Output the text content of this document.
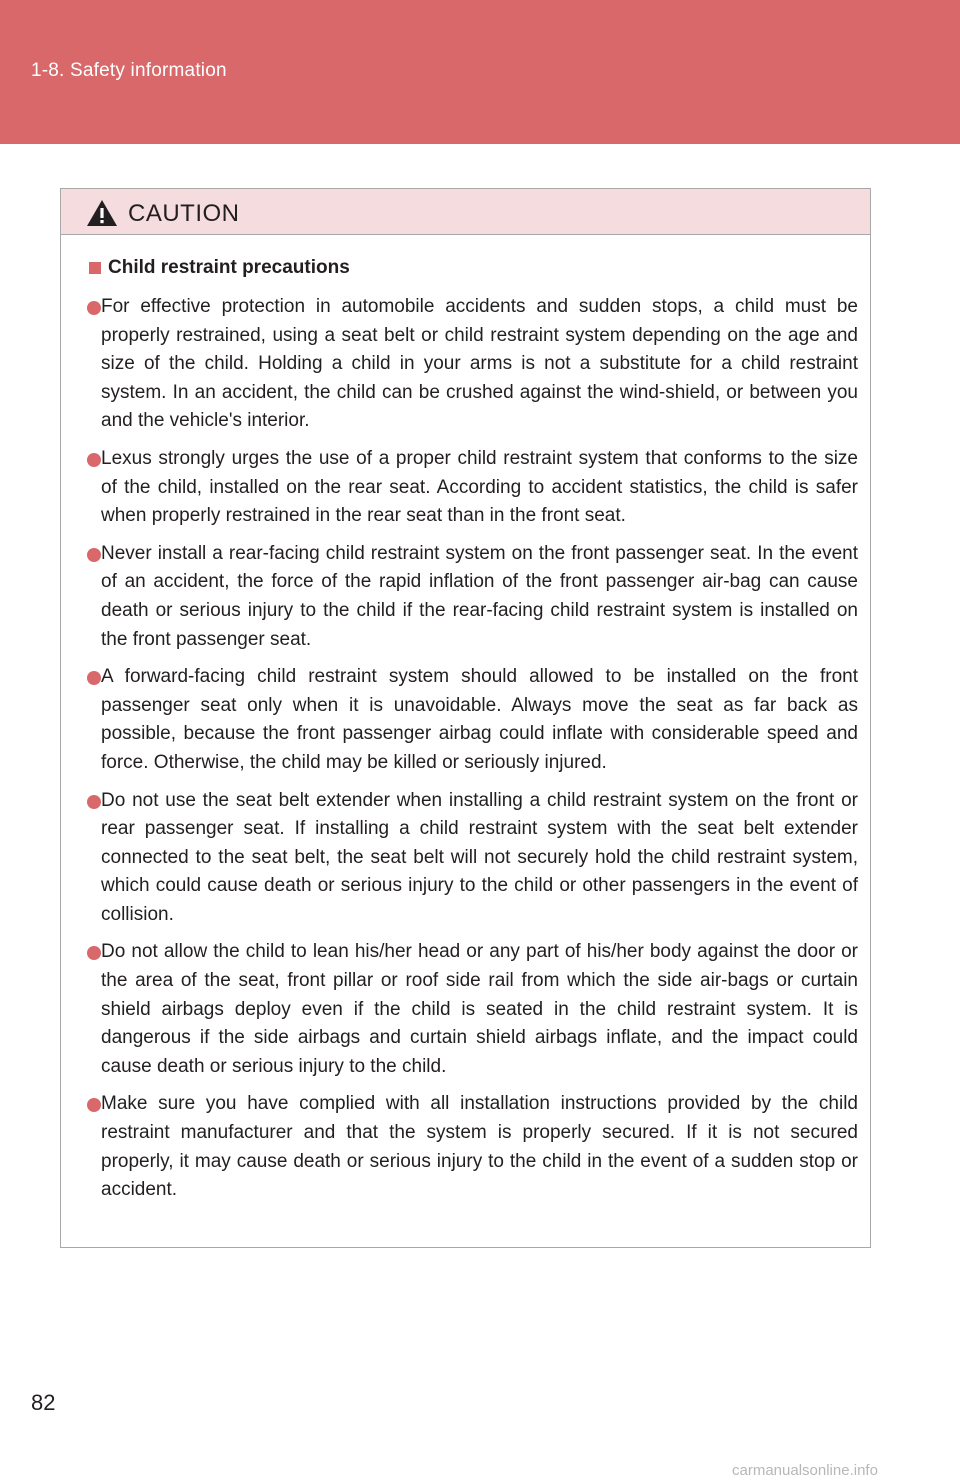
1-8. Safety information
CAUTION
Child restraint precautions

For effective protection in automobile accidents and sudden stops, a child must be properly restrained, using a seat belt or child restraint system depending on the age and size of the child. Holding a child in your arms is not a substitute for a child restraint system. In an accident, the child can be crushed against the wind-shield, or between you and the vehicle's interior.

Lexus strongly urges the use of a proper child restraint system that conforms to the size of the child, installed on the rear seat. According to accident statistics, the child is safer when properly restrained in the rear seat than in the front seat.

Never install a rear-facing child restraint system on the front passenger seat. In the event of an accident, the force of the rapid inflation of the front passenger air-bag can cause death or serious injury to the child if the rear-facing child restraint system is installed on the front passenger seat.

A forward-facing child restraint system should allowed to be installed on the front passenger seat only when it is unavoidable. Always move the seat as far back as possible, because the front passenger airbag could inflate with considerable speed and force. Otherwise, the child may be killed or seriously injured.

Do not use the seat belt extender when installing a child restraint system on the front or rear passenger seat. If installing a child restraint system with the seat belt extender connected to the seat belt, the seat belt will not securely hold the child restraint system, which could cause death or serious injury to the child or other passengers in the event of collision.

Do not allow the child to lean his/her head or any part of his/her body against the door or the area of the seat, front pillar or roof side rail from which the side air-bags or curtain shield airbags deploy even if the child is seated in the child restraint system. It is dangerous if the side airbags and curtain shield airbags inflate, and the impact could cause death or serious injury to the child.

Make sure you have complied with all installation instructions provided by the child restraint manufacturer and that the system is properly secured. If it is not secured properly, it may cause death or serious injury to the child in the event of a sudden stop or accident.

82
carmanualsonline.info
